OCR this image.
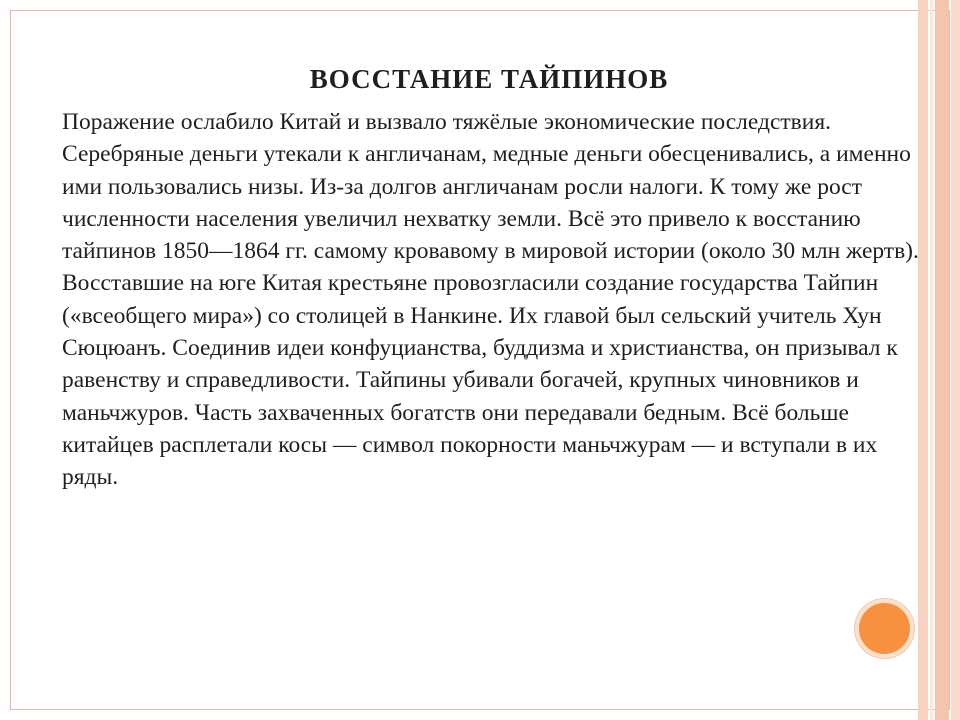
ВОССТАНИЕ ТАЙПИНОВ

Поражение ослабило Китай и вызвало тяжёлые экономические последствия. Серебряные деньги утекали к англичанам, медные деньги обесценивались, а именно ими пользовались низы. Из-за долгов англичанам росли налоги. К тому же рост численности населения увеличил нехватку земли. Всё это привело к восстанию тайпинов 1850—1864 гг. самому кровавому в мировой истории (около 30 млн жертв).

Восставшие на юге Китая крестьяне провозгласили создание государства Тайпин («всеобщего мира») со столицей в Нанкине. Их главой был сельский учитель Хун Сюцюанъ. Соединив идеи конфуцианства, буддизма и христианства, он призывал к равенству и справедливости. Тайпины убивали богачей, крупных чиновников и маньчжуров. Часть захваченных богатств они передавали бедным. Всё больше китайцев расплетали косы — символ покорности маньчжурам — и вступали в их ряды.
